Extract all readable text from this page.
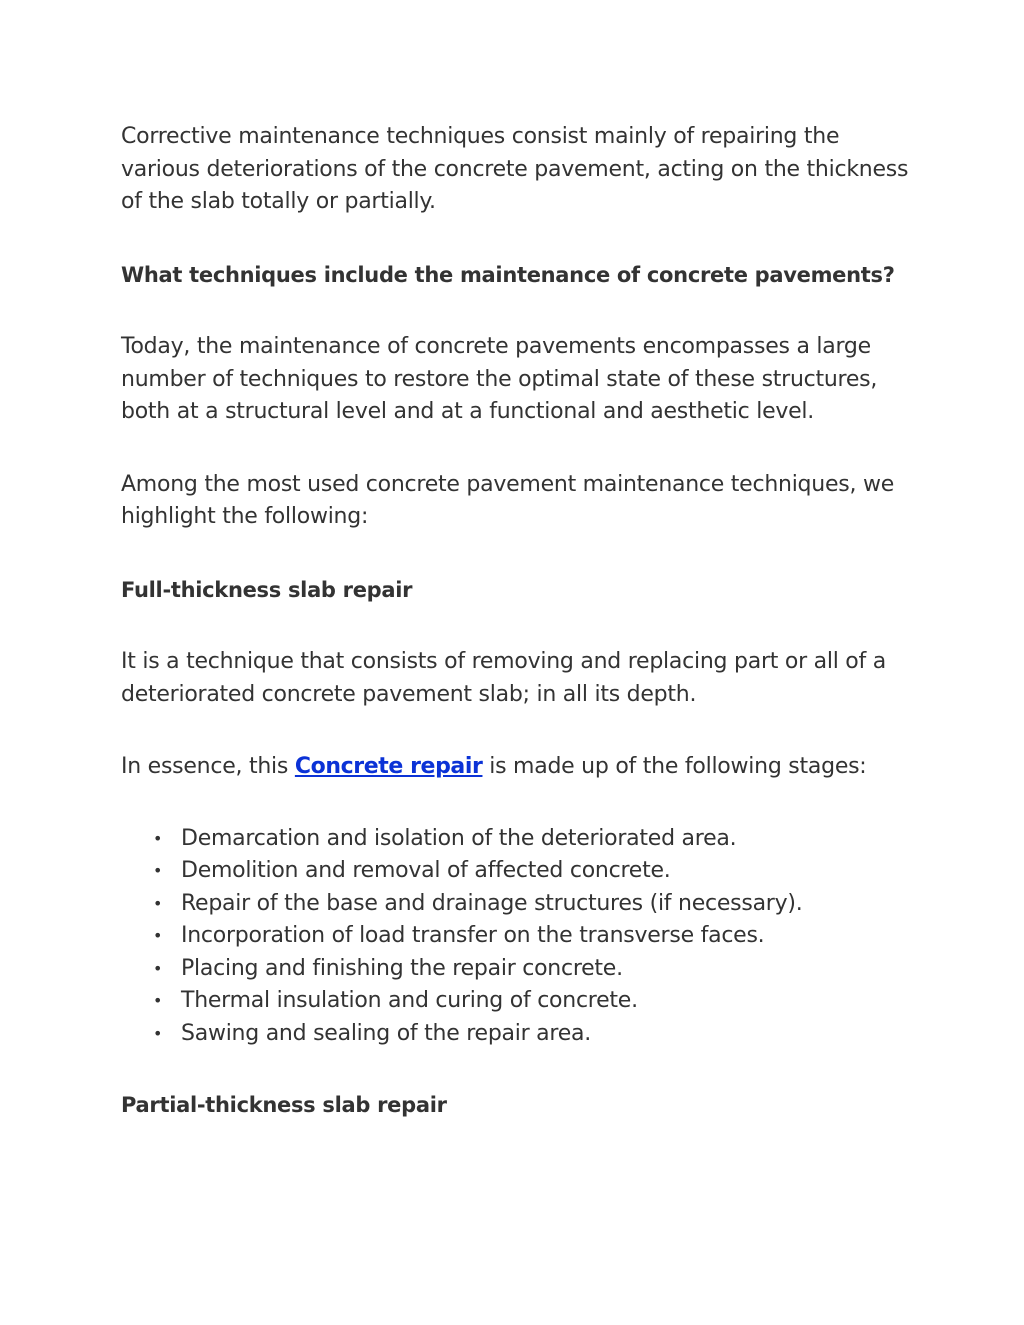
Corrective maintenance techniques consist mainly of repairing the various deteriorations of the concrete pavement, acting on the thickness of the slab totally or partially.

What techniques include the maintenance of concrete pavements?

Today, the maintenance of concrete pavements encompasses a large number of techniques to restore the optimal state of these structures, both at a structural level and at a functional and aesthetic level.

Among the most used concrete pavement maintenance techniques, we highlight the following:

Full-thickness slab repair

It is a technique that consists of removing and replacing part or all of a deteriorated concrete pavement slab; in all its depth.

In essence, this Concrete repair is made up of the following stages:

• Demarcation and isolation of the deteriorated area.
• Demolition and removal of affected concrete.
• Repair of the base and drainage structures (if necessary).
• Incorporation of load transfer on the transverse faces.
• Placing and finishing the repair concrete.
• Thermal insulation and curing of concrete.
• Sawing and sealing of the repair area.

Partial-thickness slab repair
